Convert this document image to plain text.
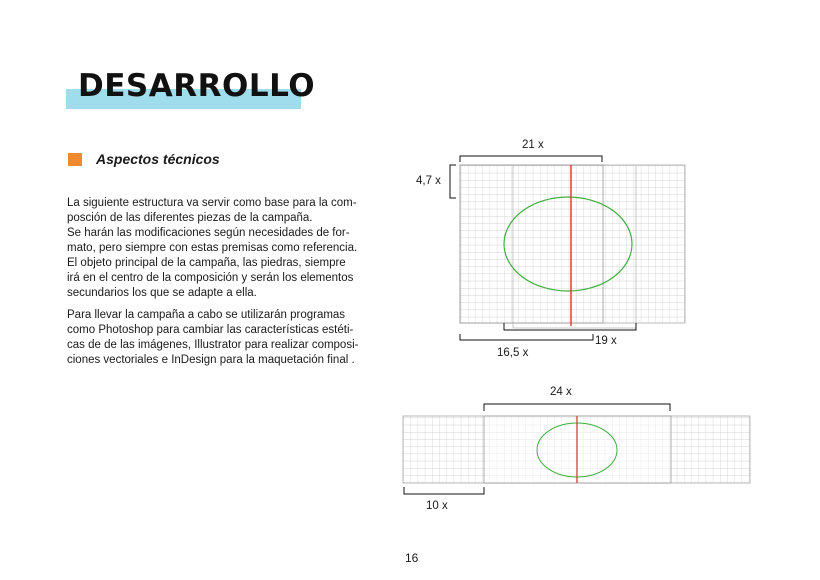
DESARROLLO
Aspectos técnicos

La siguiente estructura va servir como base para la com-
posción de las diferentes piezas de la campaña.
Se harán las modificaciones según necesidades de for-
mato, pero siempre con estas premisas como referencia.
El objeto principal de la campaña, las piedras, siempre
irá en el centro de la composición y serán los elementos
secundarios los que se adapte a ella.

Para llevar la campaña a cabo se utilizarán programas
como Photoshop para cambiar las características estéti-
cas de de las imágenes, Illustrator para realizar composi-
ciones vectoriales e InDesign para la maquetación final .

21 x
4,7 x
16,5 x
19 x
24 x
10 x
16
